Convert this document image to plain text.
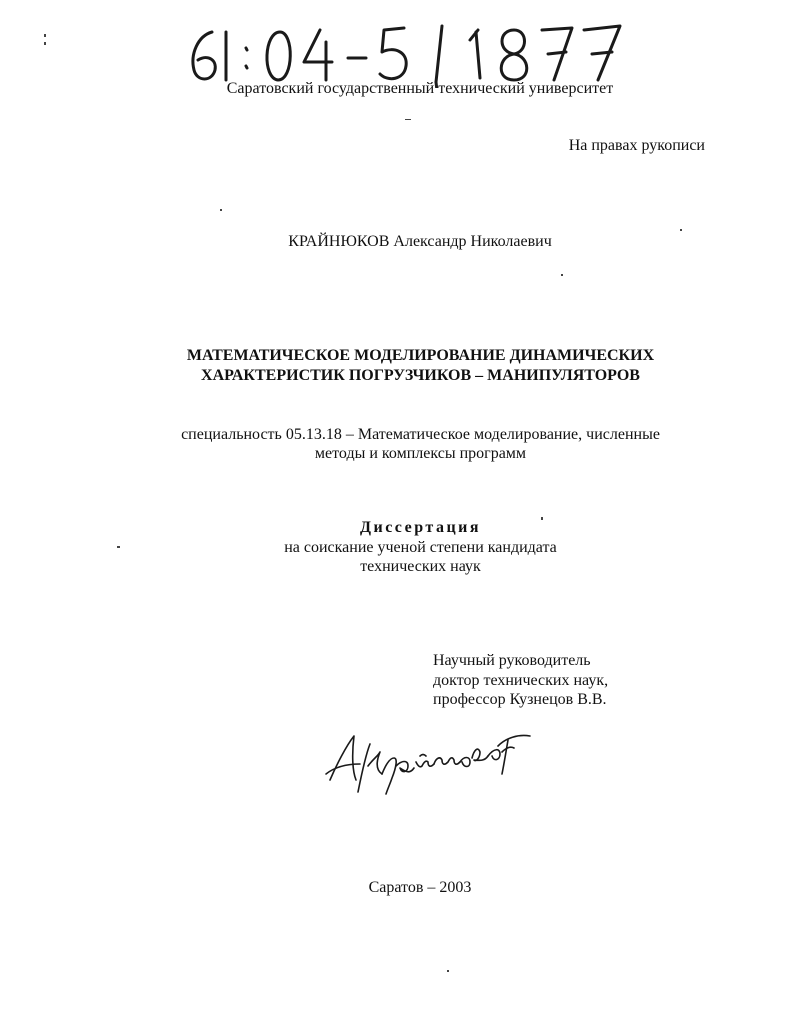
Саратовский государственный технический университет
На правах рукописи
КРАЙНЮКОВ Александр Николаевич
МАТЕМАТИЧЕСКОЕ МОДЕЛИРОВАНИЕ ДИНАМИЧЕСКИХ
ХАРАКТЕРИСТИК ПОГРУЗЧИКОВ – МАНИПУЛЯТОРОВ
специальность 05.13.18 – Математическое моделирование, численные
методы и комплексы программ
Диссертация
на соискание ученой степени кандидата
технических наук
Научный руководитель
доктор технических наук,
профессор Кузнецов В.В.
Саратов – 2003
